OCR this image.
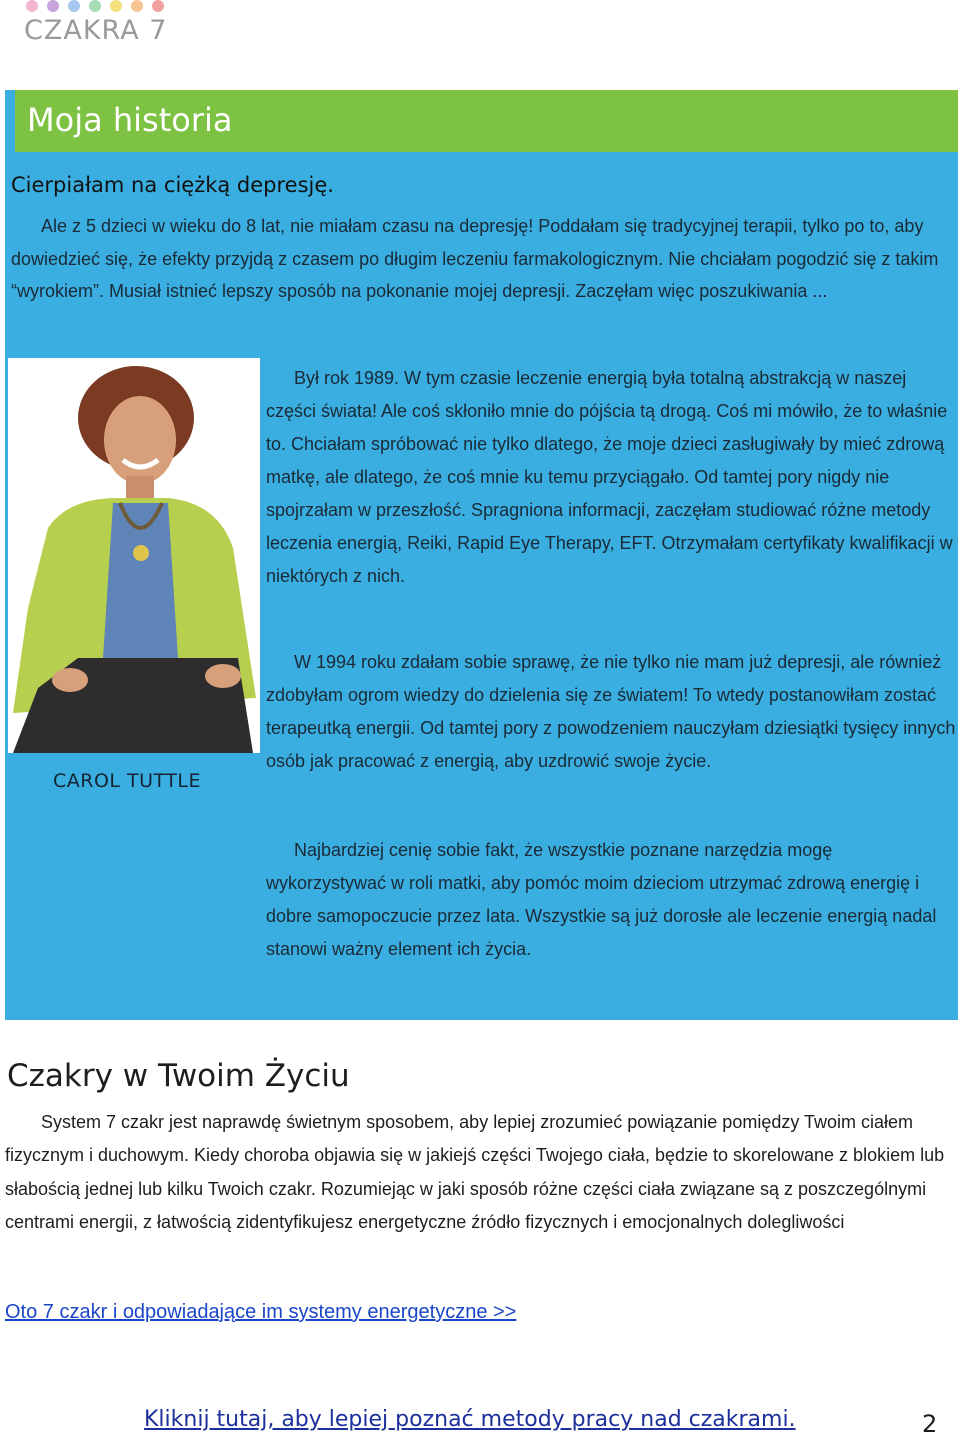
CZAKRA 7
Moja historia
Cierpiałam na ciężką depresję.

Ale z 5 dzieci w wieku do 8 lat, nie miałam czasu na depresję! Poddałam się tradycyjnej terapii, tylko po to, aby dowiedzieć się, że efekty przyjdą z czasem po długim leczeniu farmakologicznym. Nie chciałam pogodzić się z takim “wyrokiem”. Musiał istnieć lepszy sposób na pokonanie mojej depresji. Zaczęłam więc poszukiwania ...

CAROL TUTTLE

Był rok 1989. W tym czasie leczenie energią była totalną abstrakcją w naszej części świata! Ale coś skłoniło mnie do pójścia tą drogą. Coś mi mówiło, że to właśnie to. Chciałam spróbować nie tylko dlatego, że moje dzieci zasługiwały by mieć zdrową matkę, ale dlatego, że coś mnie ku temu przyciągało. Od tamtej pory nigdy nie spojrzałam w przeszłość. Spragniona informacji, zaczęłam studiować różne metody leczenia energią, Reiki, Rapid Eye Therapy, EFT. Otrzymałam certyfikaty kwalifikacji w niektórych z nich.

W 1994 roku zdałam sobie sprawę, że nie tylko nie mam już depresji, ale również zdobyłam ogrom wiedzy do dzielenia się ze światem! To wtedy postanowiłam zostać terapeutką energii. Od tamtej pory z powodzeniem nauczyłam dziesiątki tysięcy innych osób jak pracować z energią, aby uzdrowić swoje życie.

Najbardziej cenię sobie fakt, że wszystkie poznane narzędzia mogę wykorzystywać w roli matki, aby pomóc moim dzieciom utrzymać zdrową energię i dobre samopoczucie przez lata. Wszystkie są już dorosłe ale leczenie energią nadal stanowi ważny element ich życia.

Czakry w Twoim Życiu

System 7 czakr jest naprawdę świetnym sposobem, aby lepiej zrozumieć powiązanie pomiędzy Twoim ciałem fizycznym i duchowym. Kiedy choroba objawia się w jakiejś części Twojego ciała, będzie to skorelowane z blokiem lub słabością jednej lub kilku Twoich czakr. Rozumiejąc w jaki sposób różne części ciała związane są z poszczególnymi centrami energii, z łatwością zidentyfikujesz energetyczne źródło fizycznych i emocjonalnych dolegliwości

Oto 7 czakr i odpowiadające im systemy energetyczne >>
Kliknij tutaj, aby lepiej poznać metody pracy nad czakrami.	2
